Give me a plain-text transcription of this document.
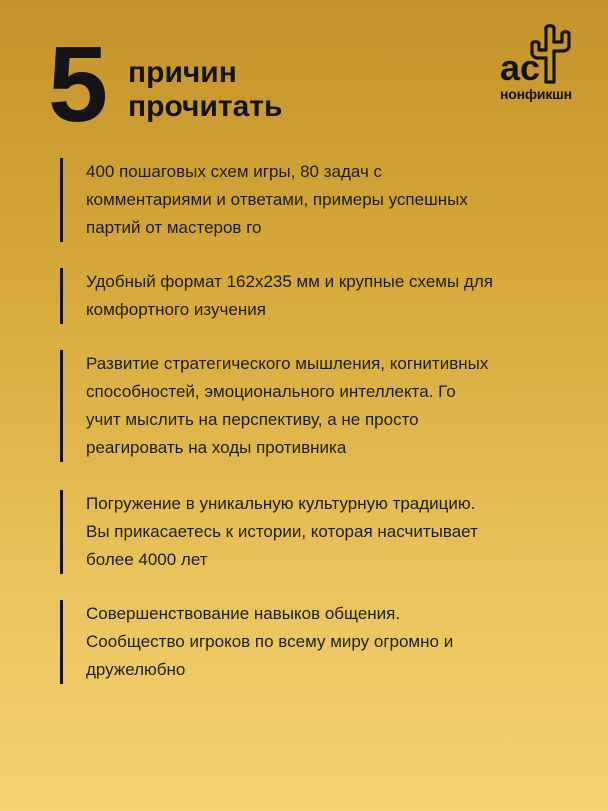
5 причин
прочитать
ac
нонфикшн

400 пошаговых схем игры, 80 задач с

комментариями и ответами, примеры успешных

партий от мастеров го

Удобный формат 162х235 мм и крупные схемы для

комфортного изучения

Развитие стратегического мышления, когнитивных

способностей, эмоционального интеллекта. Го

учит мыслить на перспективу, а не просто

реагировать на ходы противника

Погружение в уникальную культурную традицию.

Вы прикасаетесь к истории, которая насчитывает

более 4000 лет

Совершенствование навыков общения.

Сообщество игроков по всему миру огромно и

дружелюбно
